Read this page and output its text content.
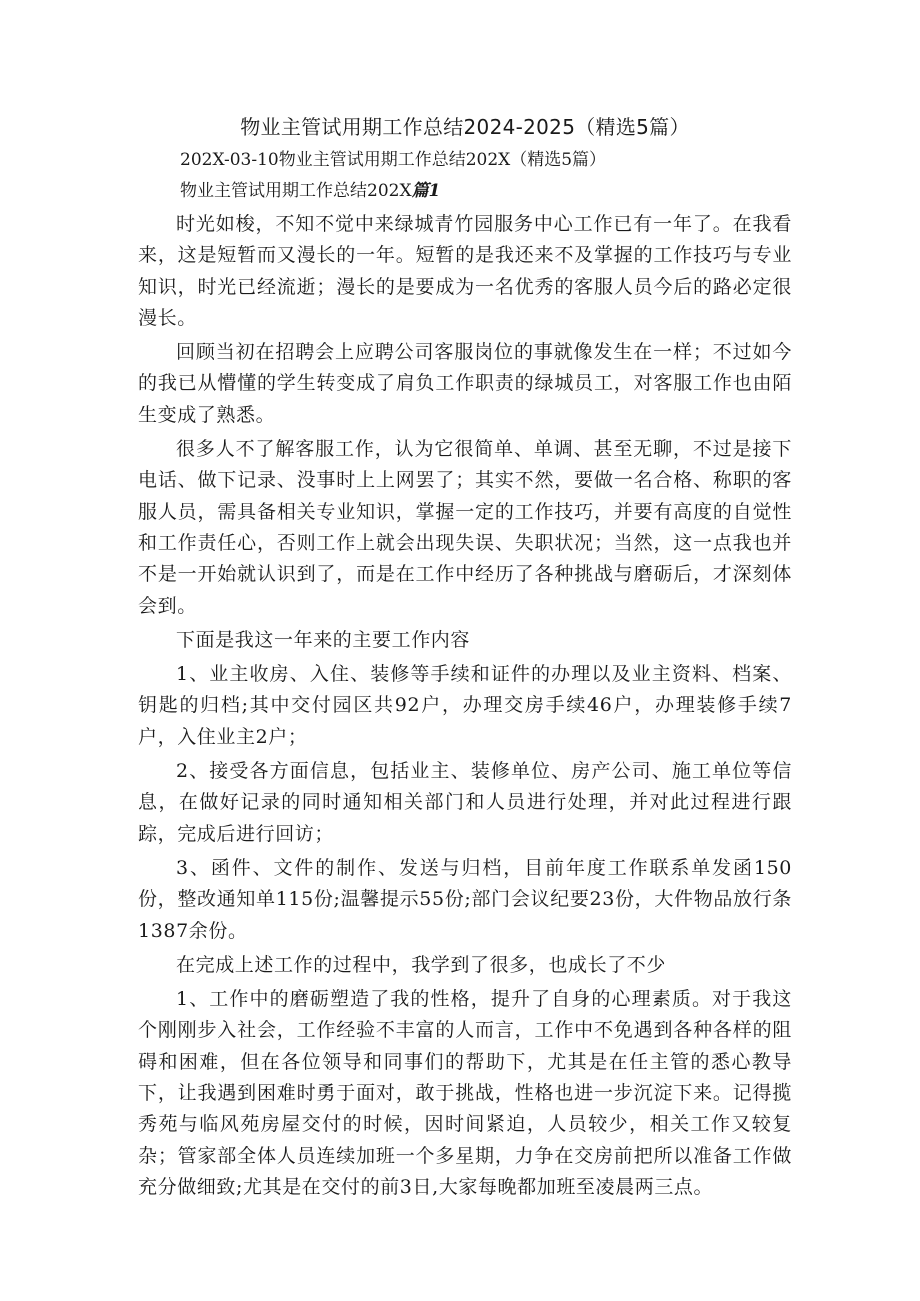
物业主管试用期工作总结2024-2025（精选5篇）
202X-03-10物业主管试用期工作总结202X（精选5篇）
物业主管试用期工作总结202X篇1

时光如梭，不知不觉中来绿城青竹园服务中心工作已有一年了。在我看来，这是短暂而又漫长的一年。短暂的是我还来不及掌握的工作技巧与专业知识，时光已经流逝；漫长的是要成为一名优秀的客服人员今后的路必定很漫长。

回顾当初在招聘会上应聘公司客服岗位的事就像发生在一样；不过如今的我已从懵懂的学生转变成了肩负工作职责的绿城员工，对客服工作也由陌生变成了熟悉。

很多人不了解客服工作，认为它很简单、单调、甚至无聊，不过是接下电话、做下记录、没事时上上网罢了；其实不然，要做一名合格、称职的客服人员，需具备相关专业知识，掌握一定的工作技巧，并要有高度的自觉性和工作责任心，否则工作上就会出现失误、失职状况；当然，这一点我也并不是一开始就认识到了，而是在工作中经历了各种挑战与磨砺后，才深刻体会到。

下面是我这一年来的主要工作内容

1、业主收房、入住、装修等手续和证件的办理以及业主资料、档案、钥匙的归档;其中交付园区共92户，办理交房手续46户，办理装修手续7户，入住业主2户；

2、接受各方面信息，包括业主、装修单位、房产公司、施工单位等信息，在做好记录的同时通知相关部门和人员进行处理，并对此过程进行跟踪，完成后进行回访；

3、函件、文件的制作、发送与归档，目前年度工作联系单发函150份，整改通知单115份;温馨提示55份;部门会议纪要23份，大件物品放行条1387余份。

在完成上述工作的过程中，我学到了很多，也成长了不少

1、工作中的磨砺塑造了我的性格，提升了自身的心理素质。对于我这个刚刚步入社会，工作经验不丰富的人而言，工作中不免遇到各种各样的阻碍和困难，但在各位领导和同事们的帮助下，尤其是在任主管的悉心教导下，让我遇到困难时勇于面对，敢于挑战，性格也进一步沉淀下来。记得揽秀苑与临风苑房屋交付的时候，因时间紧迫，人员较少，相关工作又较复杂；管家部全体人员连续加班一个多星期，力争在交房前把所以准备工作做充分做细致;尤其是在交付的前3日,大家每晚都加班至凌晨两三点。
